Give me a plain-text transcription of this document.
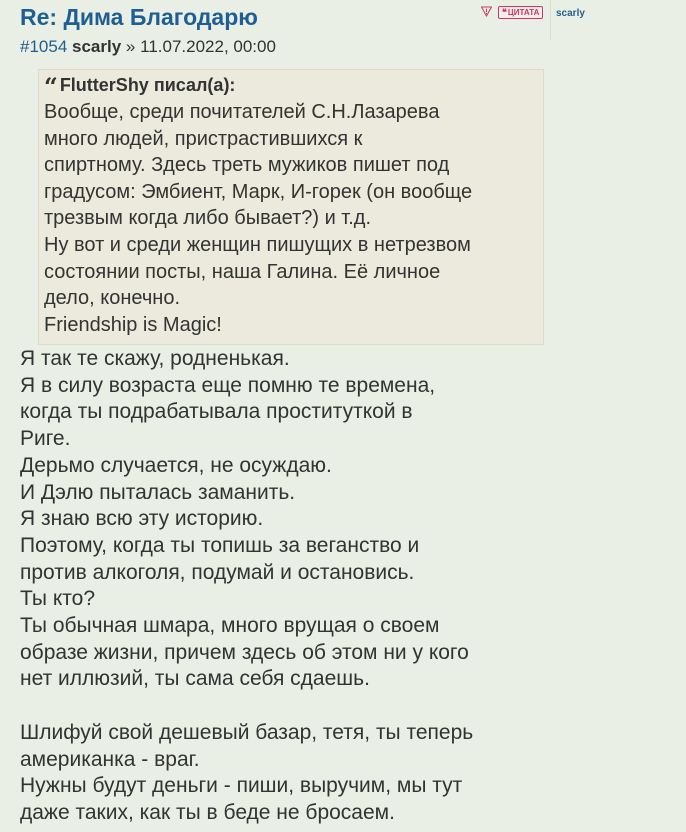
Re: Дима Благодарю
#1054 scarly » 11.07.2022, 00:00
❝ ЦИТАТА
“ FlutterShy писал(а):

Вообще, среди почитателей С.Н.Лазарева

много людей, пристрастившихся к

спиртному. Здесь треть мужиков пишет под

градусом: Эмбиент, Марк, И-горек (он вообще

трезвым когда либо бывает?) и т.д.

Ну вот и среди женщин пишущих в нетрезвом

состоянии посты, наша Галина. Её личное

дело, конечно.

Friendship is Magic!

Я так те скажу, родненькая.

Я в силу возраста еще помню те времена,

когда ты подрабатывала проституткой в

Риге.

Дерьмо случается, не осуждаю.

И Дэлю пыталась заманить.

Я знаю всю эту историю.

Поэтому, когда ты топишь за веганство и

против алкоголя, подумай и остановись.

Ты кто?

Ты обычная шмара, много врущая о своем

образе жизни, причем здесь об этом ни у кого

нет иллюзий, ты сама себя сдаешь.

Шлифуй свой дешевый базар, тетя, ты теперь

американка - враг.

Нужны будут деньги - пиши, выручим, мы тут

даже таких, как ты в беде не бросаем.

scarly
